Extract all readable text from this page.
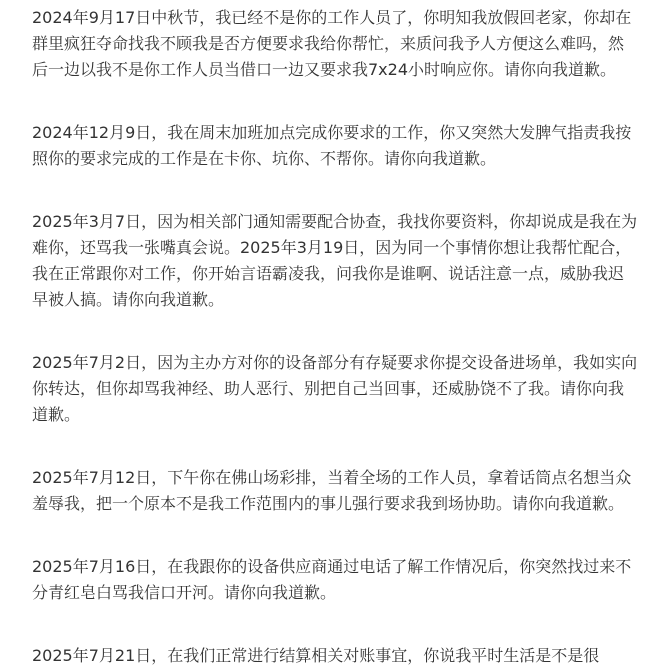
2024年9月17日中秋节，我已经不是你的工作人员了，你明知我放假回老家，你却在群里疯狂夺命找我不顾我是否方便要求我给你帮忙，来质问我予人方便这么难吗，然后一边以我不是你工作人员当借口一边又要求我7x24小时响应你。请你向我道歉。

2024年12月9日，我在周末加班加点完成你要求的工作，你又突然大发脾气指责我按照你的要求完成的工作是在卡你、坑你、不帮你。请你向我道歉。

2025年3月7日，因为相关部门通知需要配合协查，我找你要资料，你却说成是我在为难你，还骂我一张嘴真会说。2025年3月19日，因为同一个事情你想让我帮忙配合，我在正常跟你对工作，你开始言语霸凌我，问我你是谁啊、说话注意一点，威胁我迟早被人搞。请你向我道歉。

2025年7月2日，因为主办方对你的设备部分有存疑要求你提交设备进场单，我如实向你转达，但你却骂我神经、助人恶行、别把自己当回事，还威胁饶不了我。请你向我道歉。

2025年7月12日，下午你在佛山场彩排，当着全场的工作人员，拿着话筒点名想当众羞辱我，把一个原本不是我工作范围内的事儿强行要求我到场协助。请你向我道歉。

2025年7月16日，在我跟你的设备供应商通过电话了解工作情况后，你突然找过来不分青红皂白骂我信口开河。请你向我道歉。

2025年7月21日，在我们正常进行结算相关对账事宜，你说我平时生活是不是很
